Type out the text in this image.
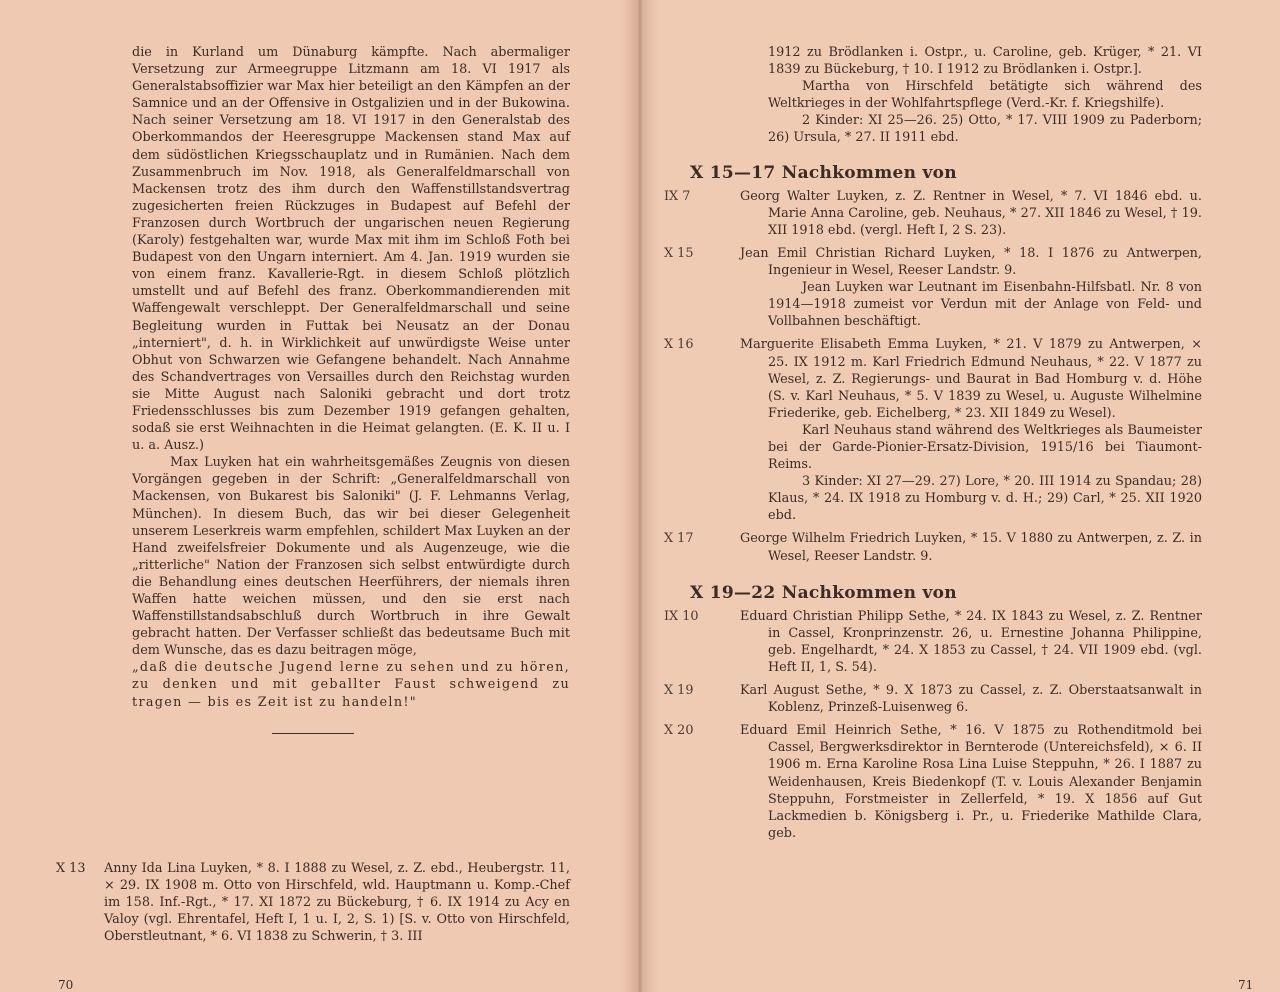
die in Kurland um Dünaburg kämpfte. Nach abermaliger Versetzung zur Armeegruppe Litzmann am 18. VI 1917 als Generalstabsoffizier war Max hier beteiligt an den Kämpfen an der Samnice und an der Offensive in Ostgalizien und in der Bukowina. Nach seiner Versetzung am 18. VI 1917 in den Generalstab des Oberkommandos der Heeresgruppe Mackensen stand Max auf dem südöstlichen Kriegsschauplatz und in Rumänien. Nach dem Zusammenbruch im Nov. 1918, als Generalfeldmarschall von Mackensen trotz des ihm durch den Waffenstillstandsvertrag zugesicherten freien Rückzuges in Budapest auf Befehl der Franzosen durch Wortbruch der ungarischen neuen Regierung (Karoly) festgehalten war, wurde Max mit ihm im Schloß Foth bei Budapest von den Ungarn interniert. Am 4. Jan. 1919 wurden sie von einem franz. Kavallerie-Rgt. in diesem Schloß plötzlich umstellt und auf Befehl des franz. Oberkommandierenden mit Waffengewalt verschleppt. Der Generalfeldmarschall und seine Begleitung wurden in Futtak bei Neusatz an der Donau „interniert", d. h. in Wirklichkeit auf unwürdigste Weise unter Obhut von Schwarzen wie Gefangene behandelt. Nach Annahme des Schandvertrages von Versailles durch den Reichstag wurden sie Mitte August nach Saloniki gebracht und dort trotz Friedensschlusses bis zum Dezember 1919 gefangen gehalten, sodaß sie erst Weihnachten in die Heimat gelangten. (E. K. II u. I u. a. Ausz.)

Max Luyken hat ein wahrheitsgemäßes Zeugnis von diesen Vorgängen gegeben in der Schrift: „Generalfeldmarschall von Mackensen, von Bukarest bis Saloniki" (J. F. Lehmanns Verlag, München). In diesem Buch, das wir bei dieser Gelegenheit unserem Leserkreis warm empfehlen, schildert Max Luyken an der Hand zweifelsfreier Dokumente und als Augenzeuge, wie die „ritterliche" Nation der Franzosen sich selbst entwürdigte durch die Behandlung eines deutschen Heerführers, der niemals ihren Waffen hatte weichen müssen, und den sie erst nach Waffenstillstandsabschluß durch Wortbruch in ihre Gewalt gebracht hatten. Der Verfasser schließt das bedeutsame Buch mit dem Wunsche, das es dazu beitragen möge,

„daß die deutsche Jugend lerne zu sehen und zu hören, zu denken und mit geballter Faust schweigend zu tragen — bis es Zeit ist zu handeln!"

X 13	Anny Ida Lina Luyken, * 8. I 1888 zu Wesel, z. Z. ebd., Heubergstr. 11, ⨯ 29. IX 1908 m. Otto von Hirschfeld, wld. Hauptmann u. Komp.-Chef im 158. Inf.-Rgt., * 17. XI 1872 zu Bückeburg, † 6. IX 1914 zu Acy en Valoy (vgl. Ehrentafel, Heft I, 1 u. I, 2, S. 1) [S. v. Otto von Hirschfeld, Oberstleutnant, * 6. VI 1838 zu Schwerin, † 3. III
70

1912 zu Brödlanken i. Ostpr., u. Caroline, geb. Krüger, * 21. VI 1839 zu Bückeburg, † 10. I 1912 zu Brödlanken i. Ostpr.].

Martha von Hirschfeld betätigte sich während des Weltkrieges in der Wohlfahrtspflege (Verd.-Kr. f. Kriegshilfe).

2 Kinder: XI 25—26. 25) Otto, * 17. VIII 1909 zu Paderborn; 26) Ursula, * 27. II 1911 ebd.

X 15—17 Nachkommen von
IX 7	Georg Walter Luyken, z. Z. Rentner in Wesel, * 7. VI 1846 ebd. u. Marie Anna Caroline, geb. Neuhaus, * 27. XII 1846 zu Wesel, † 19. XII 1918 ebd. (vergl. Heft I, 2 S. 23).
X 15	Jean Emil Christian Richard Luyken, * 18. I 1876 zu Antwerpen, Ingenieur in Wesel, Reeser Landstr. 9.

Jean Luyken war Leutnant im Eisenbahn-Hilfsbatl. Nr. 8 von 1914—1918 zumeist vor Verdun mit der Anlage von Feld- und Vollbahnen beschäftigt.

X 16	Marguerite Elisabeth Emma Luyken, * 21. V 1879 zu Antwerpen, ⨯ 25. IX 1912 m. Karl Friedrich Edmund Neuhaus, * 22. V 1877 zu Wesel, z. Z. Regierungs- und Baurat in Bad Homburg v. d. Höhe (S. v. Karl Neuhaus, * 5. V 1839 zu Wesel, u. Auguste Wilhelmine Friederike, geb. Eichelberg, * 23. XII 1849 zu Wesel).

Karl Neuhaus stand während des Weltkrieges als Baumeister bei der Garde-Pionier-Ersatz-Division, 1915/16 bei Tiaumont-Reims.

3 Kinder: XI 27—29. 27) Lore, * 20. III 1914 zu Spandau; 28) Klaus, * 24. IX 1918 zu Homburg v. d. H.; 29) Carl, * 25. XII 1920 ebd.

X 17	George Wilhelm Friedrich Luyken, * 15. V 1880 zu Antwerpen, z. Z. in Wesel, Reeser Landstr. 9.
X 19—22 Nachkommen von
IX 10	Eduard Christian Philipp Sethe, * 24. IX 1843 zu Wesel, z. Z. Rentner in Cassel, Kronprinzenstr. 26, u. Ernestine Johanna Philippine, geb. Engelhardt, * 24. X 1853 zu Cassel, † 24. VII 1909 ebd. (vgl. Heft II, 1, S. 54).
X 19	Karl August Sethe, * 9. X 1873 zu Cassel, z. Z. Oberstaatsanwalt in Koblenz, Prinzeß-Luisenweg 6.
X 20	Eduard Emil Heinrich Sethe, * 16. V 1875 zu Rothenditmold bei Cassel, Bergwerksdirektor in Bernterode (Untereichsfeld), ⨯ 6. II 1906 m. Erna Karoline Rosa Lina Luise Steppuhn, * 26. I 1887 zu Weidenhausen, Kreis Biedenkopf (T. v. Louis Alexander Benjamin Steppuhn, Forstmeister in Zellerfeld, * 19. X 1856 auf Gut Lackmedien b. Königsberg i. Pr., u. Friederike Mathilde Clara, geb.
71
